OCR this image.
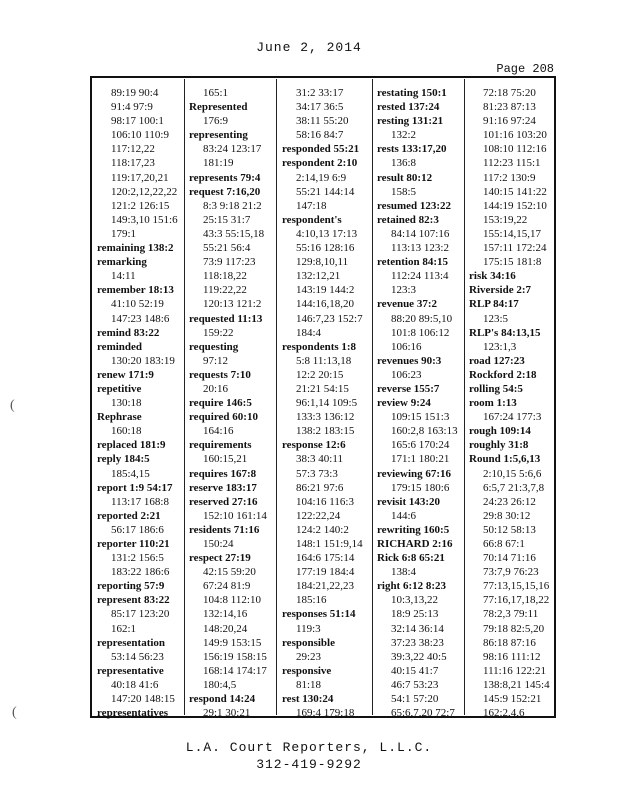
June 2, 2014
Page 208
89:19 90:4
91:4 97:9
98:17 100:1
106:10 110:9
117:12,22
118:17,23
119:17,20,21
120:2,12,22,22
121:2 126:15
149:3,10 151:6
179:1
remaining 138:2
remarking
14:11
remember 18:13
41:10 52:19
147:23 148:6
remind 83:22
reminded
130:20 183:19
renew 171:9
repetitive
130:18
Rephrase
160:18
replaced 181:9
reply 184:5
185:4,15
report 1:9 54:17
113:17 168:8
reported 2:21
56:17 186:6
reporter 110:21
131:2 156:5
183:22 186:6
reporting 57:9
represent 83:22
85:17 123:20
162:1
representation
53:14 56:23
representative
40:18 41:6
147:20 148:15
representatives
165:1
Represented
176:9
representing
83:24 123:17
181:19
represents 79:4
request 7:16,20
8:3 9:18 21:2
25:15 31:7
43:3 55:15,18
55:21 56:4
73:9 117:23
118:18,22
119:22,22
120:13 121:2
requested 11:13
159:22
requesting
97:12
requests 7:10
20:16
require 146:5
required 60:10
164:16
requirements
160:15,21
requires 167:8
reserve 183:17
reserved 27:16
152:10 161:14
residents 71:16
150:24
respect 27:19
42:15 59:20
67:24 81:9
104:8 112:10
132:14,16
148:20,24
149:9 153:15
156:19 158:15
168:14 174:17
180:4,5
respond 14:24
29:1 30:21
31:2 33:17
34:17 36:5
38:11 55:20
58:16 84:7
responded 55:21
respondent 2:10
2:14,19 6:9
55:21 144:14
147:18
respondent's
4:10,13 17:13
55:16 128:16
129:8,10,11
132:12,21
143:19 144:2
144:16,18,20
146:7,23 152:7
184:4
respondents 1:8
5:8 11:13,18
12:2 20:15
21:21 54:15
96:1,14 109:5
133:3 136:12
138:2 183:15
response 12:6
38:3 40:11
57:3 73:3
86:21 97:6
104:16 116:3
122:22,24
124:2 140:2
148:1 151:9,14
164:6 175:14
177:19 184:4
184:21,22,23
185:16
responses 51:14
119:3
responsible
29:23
responsive
81:18
rest 130:24
169:4 179:18
restating 150:1
rested 137:24
resting 131:21
132:2
rests 133:17,20
136:8
result 80:12
158:5
resumed 123:22
retained 82:3
84:14 107:16
113:13 123:2
retention 84:15
112:24 113:4
123:3
revenue 37:2
88:20 89:5,10
101:8 106:12
106:16
revenues 90:3
106:23
reverse 155:7
review 9:24
109:15 151:3
160:2,8 163:13
165:6 170:24
171:1 180:21
reviewing 67:16
179:15 180:6
revisit 143:20
144:6
rewriting 160:5
RICHARD 2:16
Rick 6:8 65:21
138:4
right 6:12 8:23
10:3,13,22
18:9 25:13
32:14 36:14
37:23 38:23
39:3,22 40:5
40:15 41:7
46:7 53:23
54:1 57:20
65:6,7,20 72:7
72:18 75:20
81:23 87:13
91:16 97:24
101:16 103:20
108:10 112:16
112:23 115:1
117:2 130:9
140:15 141:22
144:19 152:10
153:19,22
155:14,15,17
157:11 172:24
175:15 181:8
risk 34:16
Riverside 2:7
RLP 84:17
123:5
RLP's 84:13,15
123:1,3
road 127:23
Rockford 2:18
rolling 54:5
room 1:13
167:24 177:3
rough 109:14
roughly 31:8
Round 1:5,6,13
2:10,15 5:6,6
6:5,7 21:3,7,8
24:23 26:12
29:8 30:12
50:12 58:13
66:8 67:1
70:14 71:16
73:7,9 76:23
77:13,15,15,16
77:16,17,18,22
78:2,3 79:11
79:18 82:5,20
86:18 87:16
98:16 111:12
111:16 122:21
138:8,21 145:4
145:9 152:21
162:2,4,6
(
(
L.A. Court Reporters, L.L.C.
312-419-9292
